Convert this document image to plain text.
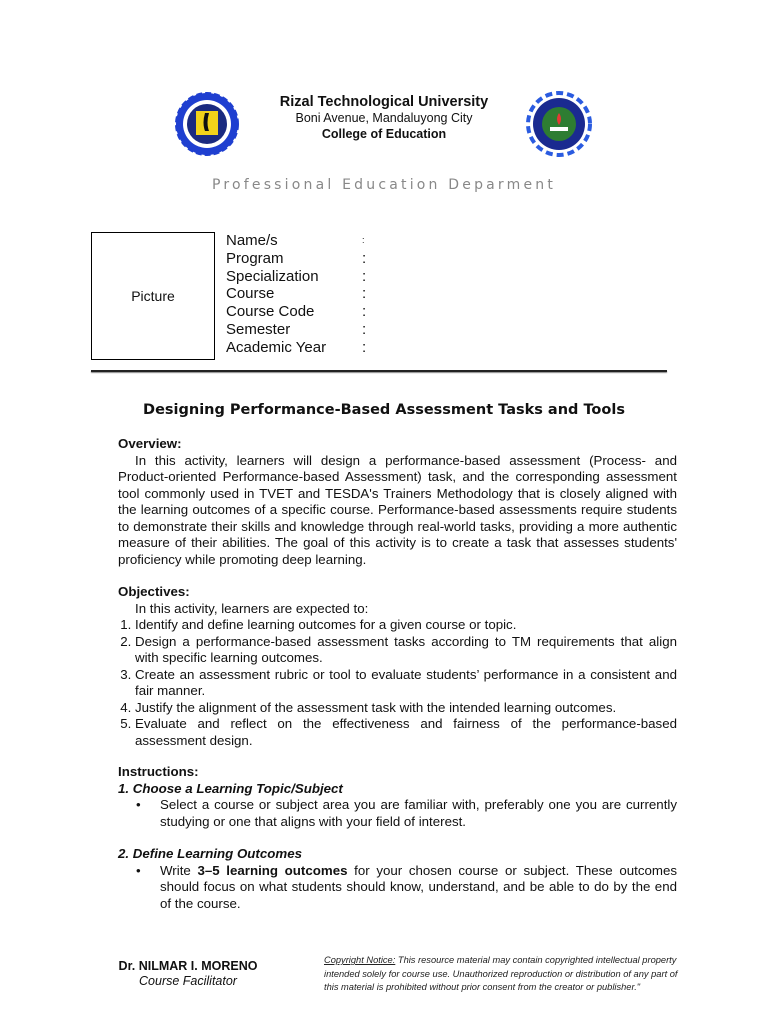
Rizal Technological University
Boni Avenue, Mandaluyong City
College of Education
Professional Education Deparment
Picture
Name/s	:
Program	:
Specialization	:
Course	:
Course Code	:
Semester	:
Academic Year	:
Designing Performance-Based Assessment Tasks and Tools
Overview:
In this activity, learners will design a performance-based assessment (Process- and Product-oriented Performance-based Assessment) task, and the corresponding assessment tool commonly used in TVET and TESDA's Trainers Methodology that is closely aligned with the learning outcomes of a specific course. Performance-based assessments require students to demonstrate their skills and knowledge through real-world tasks, providing a more authentic measure of their abilities. The goal of this activity is to create a task that assesses students' proficiency while promoting deep learning.
Objectives:
In this activity, learners are expected to:
1. Identify and define learning outcomes for a given course or topic.
2. Design a performance-based assessment tasks according to TM requirements that align with specific learning outcomes.
3. Create an assessment rubric or tool to evaluate students’ performance in a consistent and fair manner.
4. Justify the alignment of the assessment task with the intended learning outcomes.
5. Evaluate and reflect on the effectiveness and fairness of the performance-based assessment design.
Instructions:
1. Choose a Learning Topic/Subject
•	Select a course or subject area you are familiar with, preferably one you are currently studying or one that aligns with your field of interest.
2. Define Learning Outcomes
•	Write 3–5 learning outcomes for your chosen course or subject. These outcomes should focus on what students should know, understand, and be able to do by the end of the course.
Dr. NILMAR I. MORENO
Course Facilitator
Copyright Notice: This resource material may contain copyrighted intellectual property intended solely for course use. Unauthorized reproduction or distribution of any part of this material is prohibited without prior consent from the creator or publisher."
